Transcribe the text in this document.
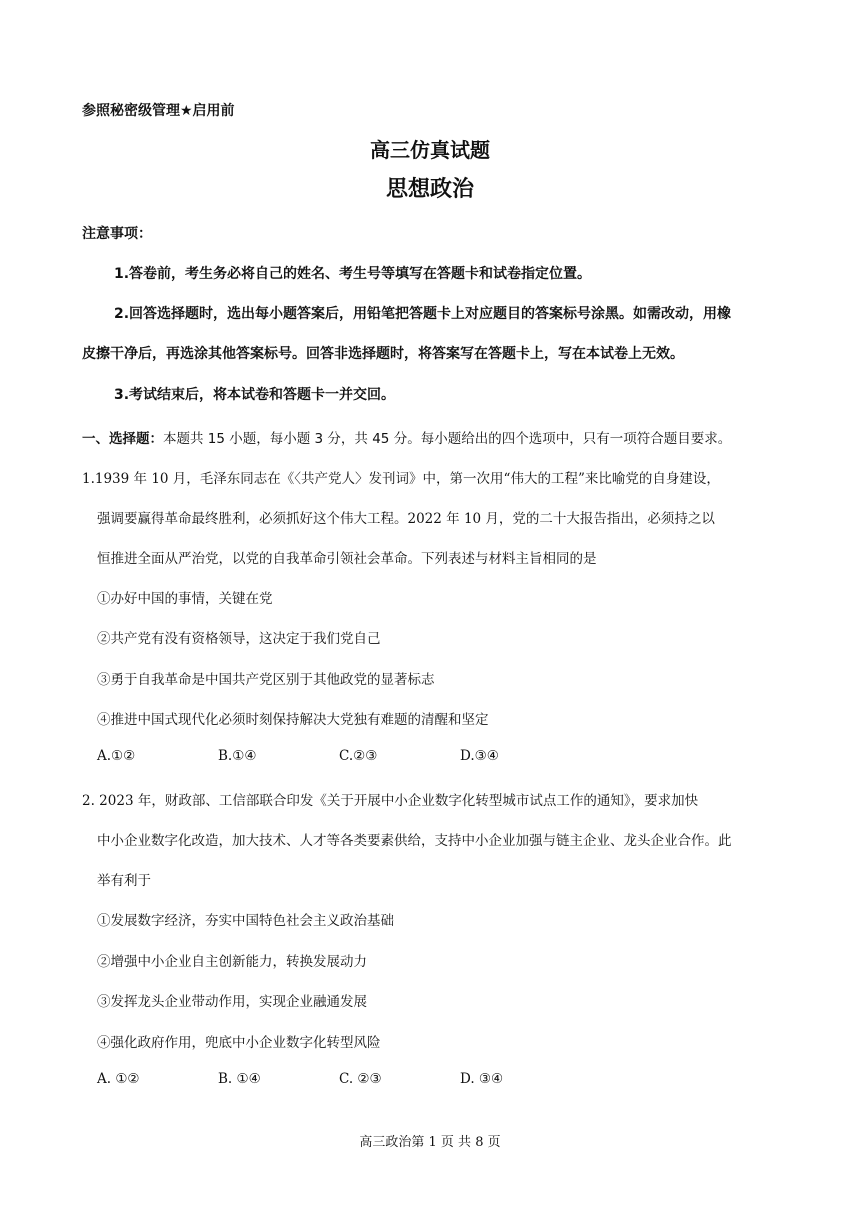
参照秘密级管理★启用前
高三仿真试题
思想政治
注意事项：
1.答卷前，考生务必将自己的姓名、考生号等填写在答题卡和试卷指定位置。
2.回答选择题时，选出每小题答案后，用铅笔把答题卡上对应题目的答案标号涂黑。如需改动，用橡
皮擦干净后，再选涂其他答案标号。回答非选择题时，将答案写在答题卡上，写在本试卷上无效。
3.考试结束后，将本试卷和答题卡一并交回。
一、选择题：本题共 15 小题，每小题 3 分，共 45 分。每小题给出的四个选项中，只有一项符合题目要求。
1.1939 年 10 月，毛泽东同志在《〈共产党人〉发刊词》中，第一次用“伟大的工程”来比喻党的自身建设，
强调要赢得革命最终胜利，必须抓好这个伟大工程。2022 年 10 月，党的二十大报告指出，必须持之以
恒推进全面从严治党，以党的自我革命引领社会革命。下列表述与材料主旨相同的是
①办好中国的事情，关键在党
②共产党有没有资格领导，这决定于我们党自己
③勇于自我革命是中国共产党区别于其他政党的显著标志
④推进中国式现代化必须时刻保持解决大党独有难题的清醒和坚定
A.①②	B.①④	C.②③	D.③④
2. 2023 年，财政部、工信部联合印发《关于开展中小企业数字化转型城市试点工作的通知》，要求加快
中小企业数字化改造，加大技术、人才等各类要素供给，支持中小企业加强与链主企业、龙头企业合作。此
举有利于
①发展数字经济，夯实中国特色社会主义政治基础
②增强中小企业自主创新能力，转换发展动力
③发挥龙头企业带动作用，实现企业融通发展
④强化政府作用，兜底中小企业数字化转型风险
A. ①②	B. ①④	C. ②③	D. ③④
高三政治第 1 页 共 8 页
